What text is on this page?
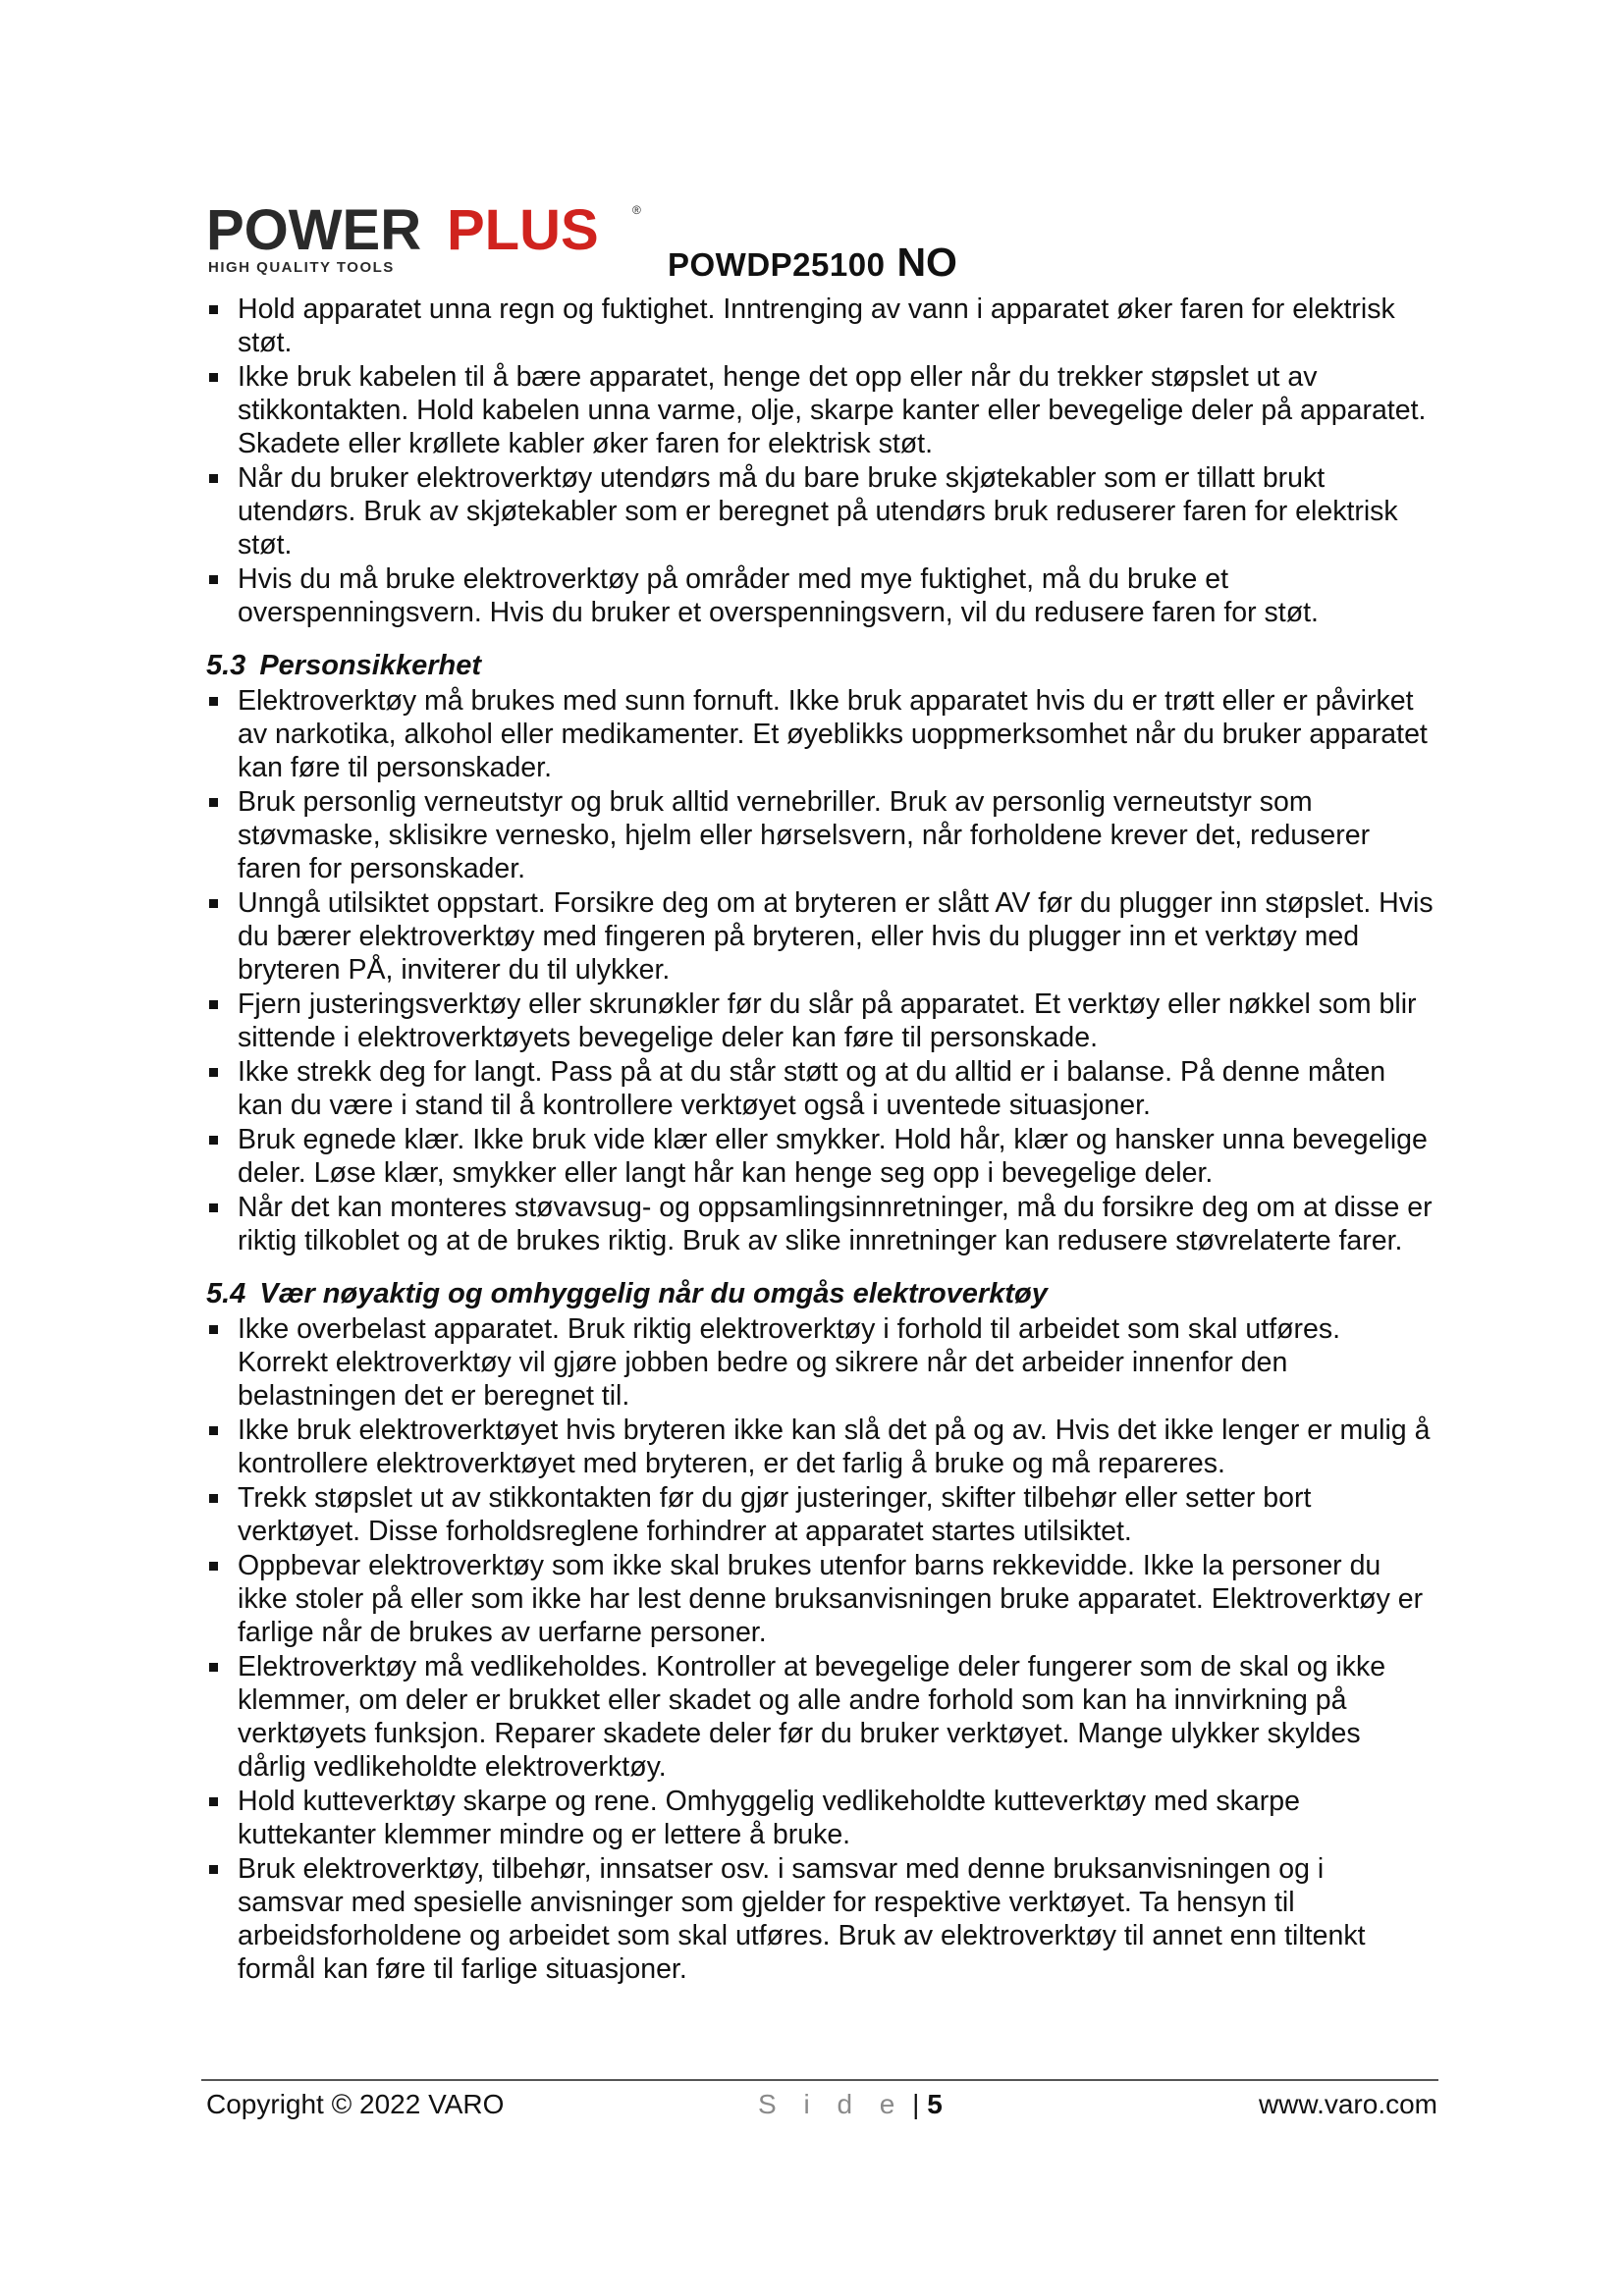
POWER PLUS	®
HIGH QUALITY TOOLS	POWDP25100 NO
Hold apparatet unna regn og fuktighet. Inntrenging av vann i apparatet øker faren for elektrisk støt.
Ikke bruk kabelen til å bære apparatet, henge det opp eller når du trekker støpslet ut av stikkontakten. Hold kabelen unna varme, olje, skarpe kanter eller bevegelige deler på apparatet. Skadete eller krøllete kabler øker faren for elektrisk støt.
Når du bruker elektroverktøy utendørs må du bare bruke skjøtekabler som er tillatt brukt utendørs. Bruk av skjøtekabler som er beregnet på utendørs bruk reduserer faren for elektrisk støt.
Hvis du må bruke elektroverktøy på områder med mye fuktighet, må du bruke et overspenningsvern. Hvis du bruker et overspenningsvern, vil du redusere faren for støt.
5.3 Personsikkerhet
Elektroverktøy må brukes med sunn fornuft. Ikke bruk apparatet hvis du er trøtt eller er påvirket av narkotika, alkohol eller medikamenter. Et øyeblikks uoppmerksomhet når du bruker apparatet kan føre til personskader.
Bruk personlig verneutstyr og bruk alltid vernebriller. Bruk av personlig verneutstyr som støvmaske, sklisikre vernesko, hjelm eller hørselsvern, når forholdene krever det, reduserer faren for personskader.
Unngå utilsiktet oppstart. Forsikre deg om at bryteren er slått AV før du plugger inn støpslet. Hvis du bærer elektroverktøy med fingeren på bryteren, eller hvis du plugger inn et verktøy med bryteren PÅ, inviterer du til ulykker.
Fjern justeringsverktøy eller skrunøkler før du slår på apparatet. Et verktøy eller nøkkel som blir sittende i elektroverktøyets bevegelige deler kan føre til personskade.
Ikke strekk deg for langt. Pass på at du står støtt og at du alltid er i balanse. På denne måten kan du være i stand til å kontrollere verktøyet også i uventede situasjoner.
Bruk egnede klær. Ikke bruk vide klær eller smykker. Hold hår, klær og hansker unna bevegelige deler. Løse klær, smykker eller langt hår kan henge seg opp i bevegelige deler.
Når det kan monteres støvavsug- og oppsamlingsinnretninger, må du forsikre deg om at disse er riktig tilkoblet og at de brukes riktig. Bruk av slike innretninger kan redusere støvrelaterte farer.
5.4 Vær nøyaktig og omhyggelig når du omgås elektroverktøy
Ikke overbelast apparatet. Bruk riktig elektroverktøy i forhold til arbeidet som skal utføres. Korrekt elektroverktøy vil gjøre jobben bedre og sikrere når det arbeider innenfor den belastningen det er beregnet til.
Ikke bruk elektroverktøyet hvis bryteren ikke kan slå det på og av. Hvis det ikke lenger er mulig å kontrollere elektroverktøyet med bryteren, er det farlig å bruke og må repareres.
Trekk støpslet ut av stikkontakten før du gjør justeringer, skifter tilbehør eller setter bort verktøyet. Disse forholdsreglene forhindrer at apparatet startes utilsiktet.
Oppbevar elektroverktøy som ikke skal brukes utenfor barns rekkevidde. Ikke la personer du ikke stoler på eller som ikke har lest denne bruksanvisningen bruke apparatet. Elektroverktøy er farlige når de brukes av uerfarne personer.
Elektroverktøy må vedlikeholdes. Kontroller at bevegelige deler fungerer som de skal og ikke klemmer, om deler er brukket eller skadet og alle andre forhold som kan ha innvirkning på verktøyets funksjon. Reparer skadete deler før du bruker verktøyet. Mange ulykker skyldes dårlig vedlikeholdte elektroverktøy.
Hold kutteverktøy skarpe og rene. Omhyggelig vedlikeholdte kutteverktøy med skarpe kuttekanter klemmer mindre og er lettere å bruke.
Bruk elektroverktøy, tilbehør, innsatser osv. i samsvar med denne bruksanvisningen og i samsvar med spesielle anvisninger som gjelder for respektive verktøyet. Ta hensyn til arbeidsforholdene og arbeidet som skal utføres. Bruk av elektroverktøy til annet enn tiltenkt formål kan føre til farlige situasjoner.
Copyright © 2022 VARO	S i d e | 5	www.varo.com
